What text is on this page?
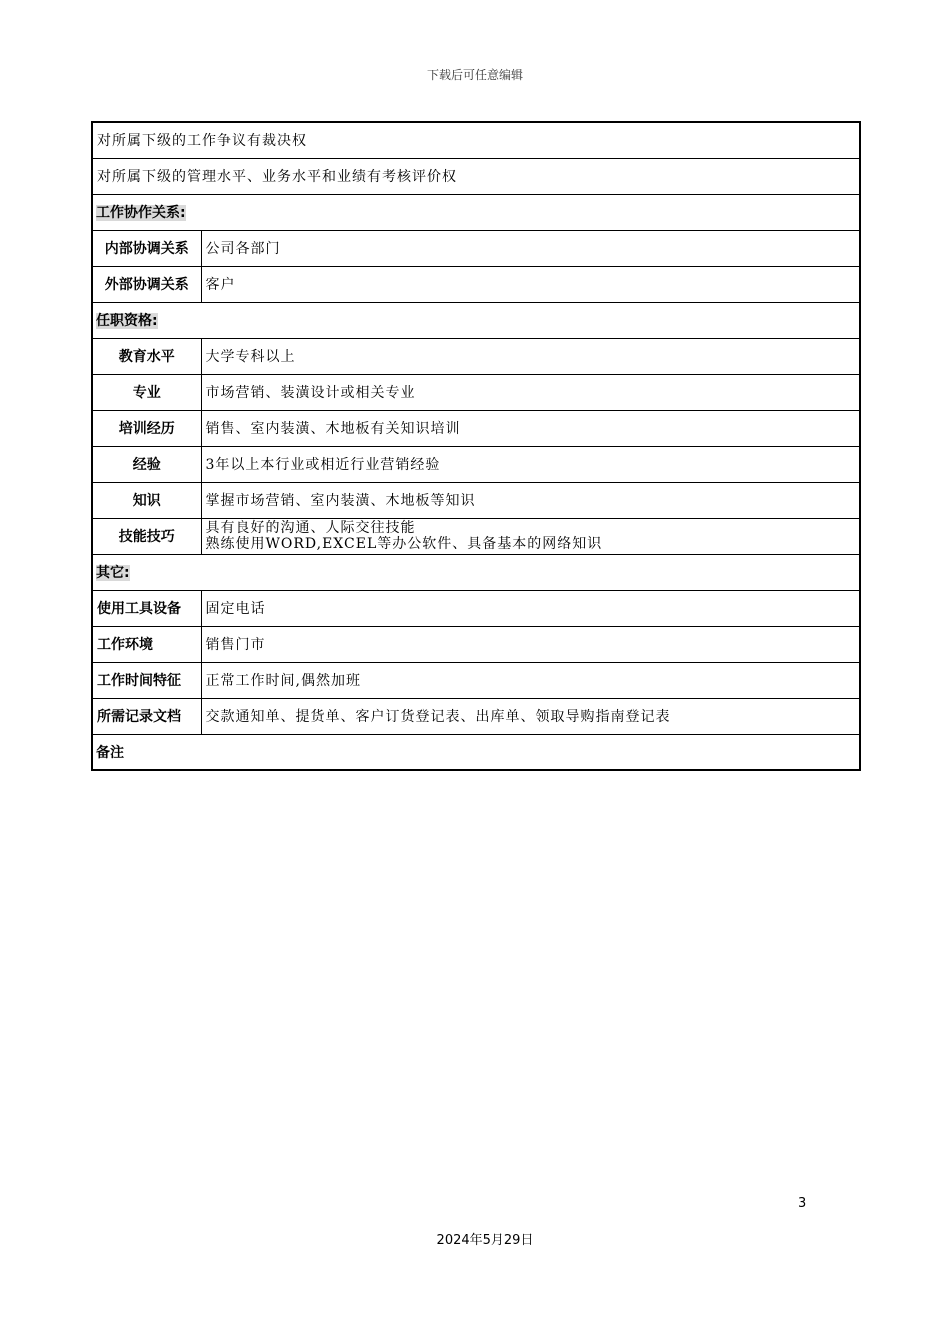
下载后可任意编辑
对所属下级的工作争议有裁决权	
对所属下级的管理水平、业务水平和业绩有考核评价权	
工作协作关系:	
内部协调关系	公司各部门
外部协调关系	客户
任职资格:	
教育水平	大学专科以上
专业	市场营销、装潢设计或相关专业
培训经历	销售、室内装潢、木地板有关知识培训
经验	3年以上本行业或相近行业营销经验
知识	掌握市场营销、室内装潢、木地板等知识
技能技巧	具有良好的沟通、人际交往技能
熟练使用WORD,EXCEL等办公软件、具备基本的网络知识

其它:	
使用工具设备	固定电话
工作环境	销售门市
工作时间特征	正常工作时间,偶然加班
所需记录文档	交款通知单、提货单、客户订货登记表、出库单、领取导购指南登记表
备注	
3
2024年5月29日
